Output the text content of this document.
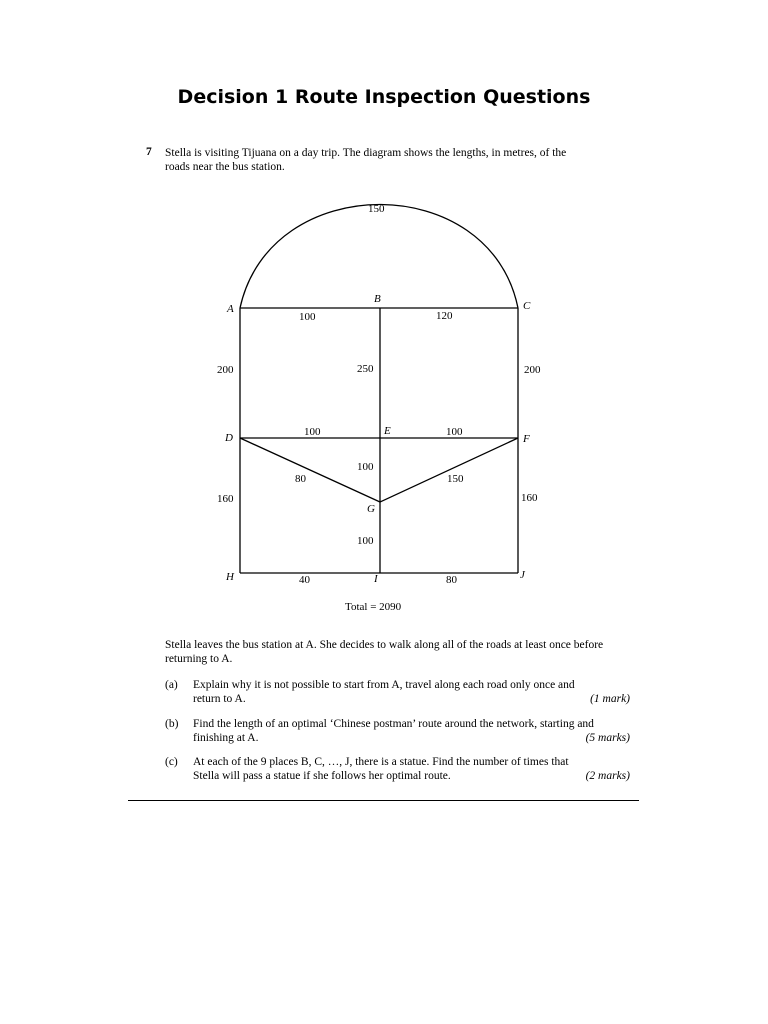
Decision 1 Route Inspection Questions
7 Stella is visiting Tijuana on a day trip. The diagram shows the lengths, in metres, of the
roads near the bus station.
A
B
C
D
E
F
G
H	I	J
150
100	120
200	250	200
100	100
80
100
150
160	160
100
40	80
Total = 2090
Stella leaves the bus station at A. She decides to walk along all of the roads at least once before
returning to A.
(a) Explain why it is not possible to start from A, travel along each road only once and
return to A.	(1 mark)
(b) Find the length of an optimal ‘Chinese postman’ route around the network, starting and
finishing at A.	(5 marks)
(c) At each of the 9 places B, C, …, J, there is a statue. Find the number of times that
Stella will pass a statue if she follows her optimal route.	(2 marks)
